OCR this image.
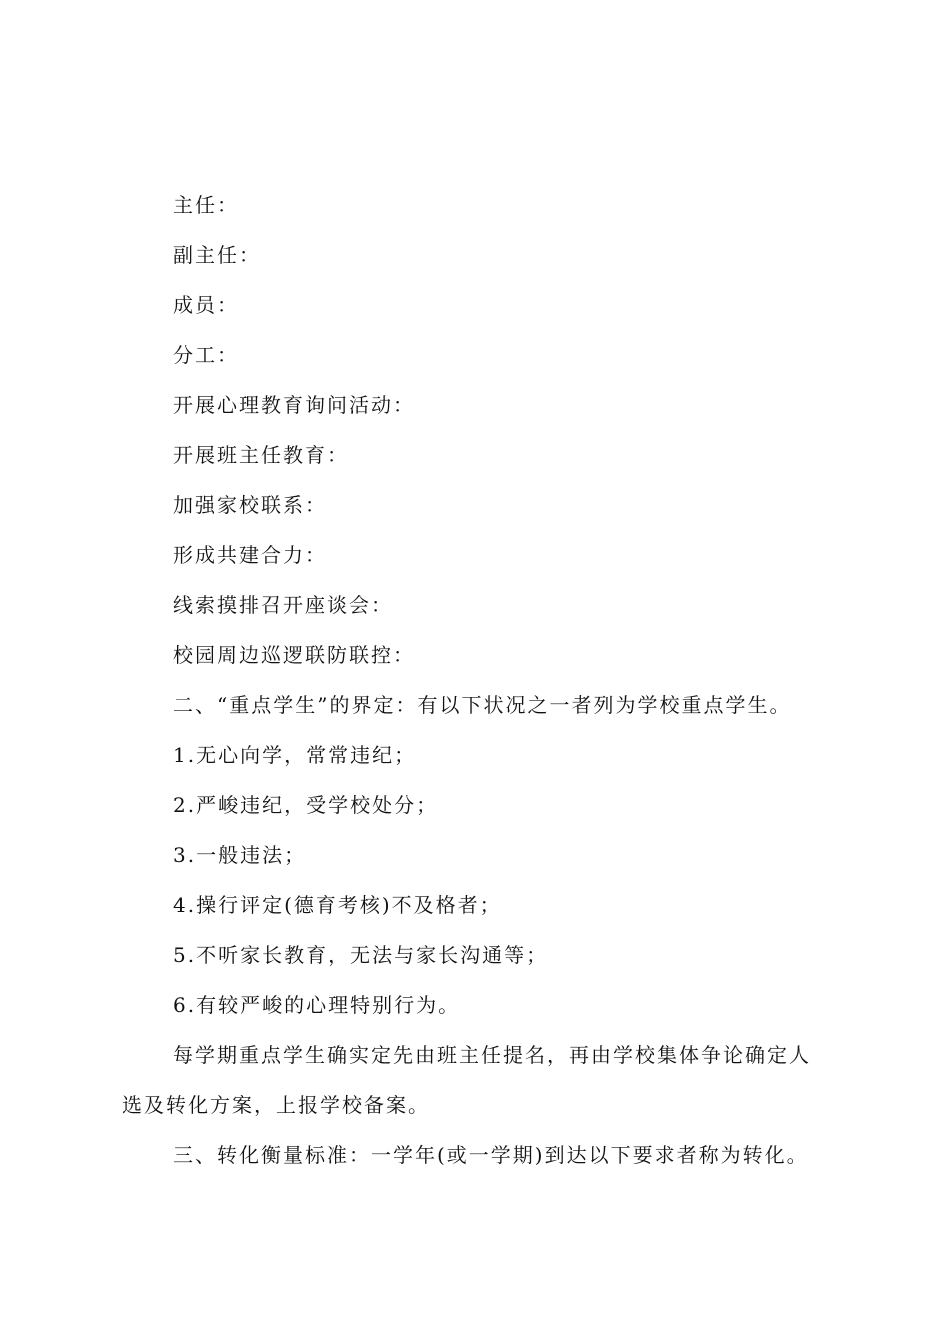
主任：
副主任：
成员：
分工：
开展心理教育询问活动：
开展班主任教育：
加强家校联系：
形成共建合力：
线索摸排召开座谈会：
校园周边巡逻联防联控：
二、“重点学生”的界定：有以下状况之一者列为学校重点学生。
1.无心向学，常常违纪；
2.严峻违纪，受学校处分；
3.一般违法；
4.操行评定(德育考核)不及格者；
5.不听家长教育，无法与家长沟通等；
6.有较严峻的心理特别行为。
每学期重点学生确实定先由班主任提名，再由学校集体争论确定人
选及转化方案，上报学校备案。
三、转化衡量标准：一学年(或一学期)到达以下要求者称为转化。
